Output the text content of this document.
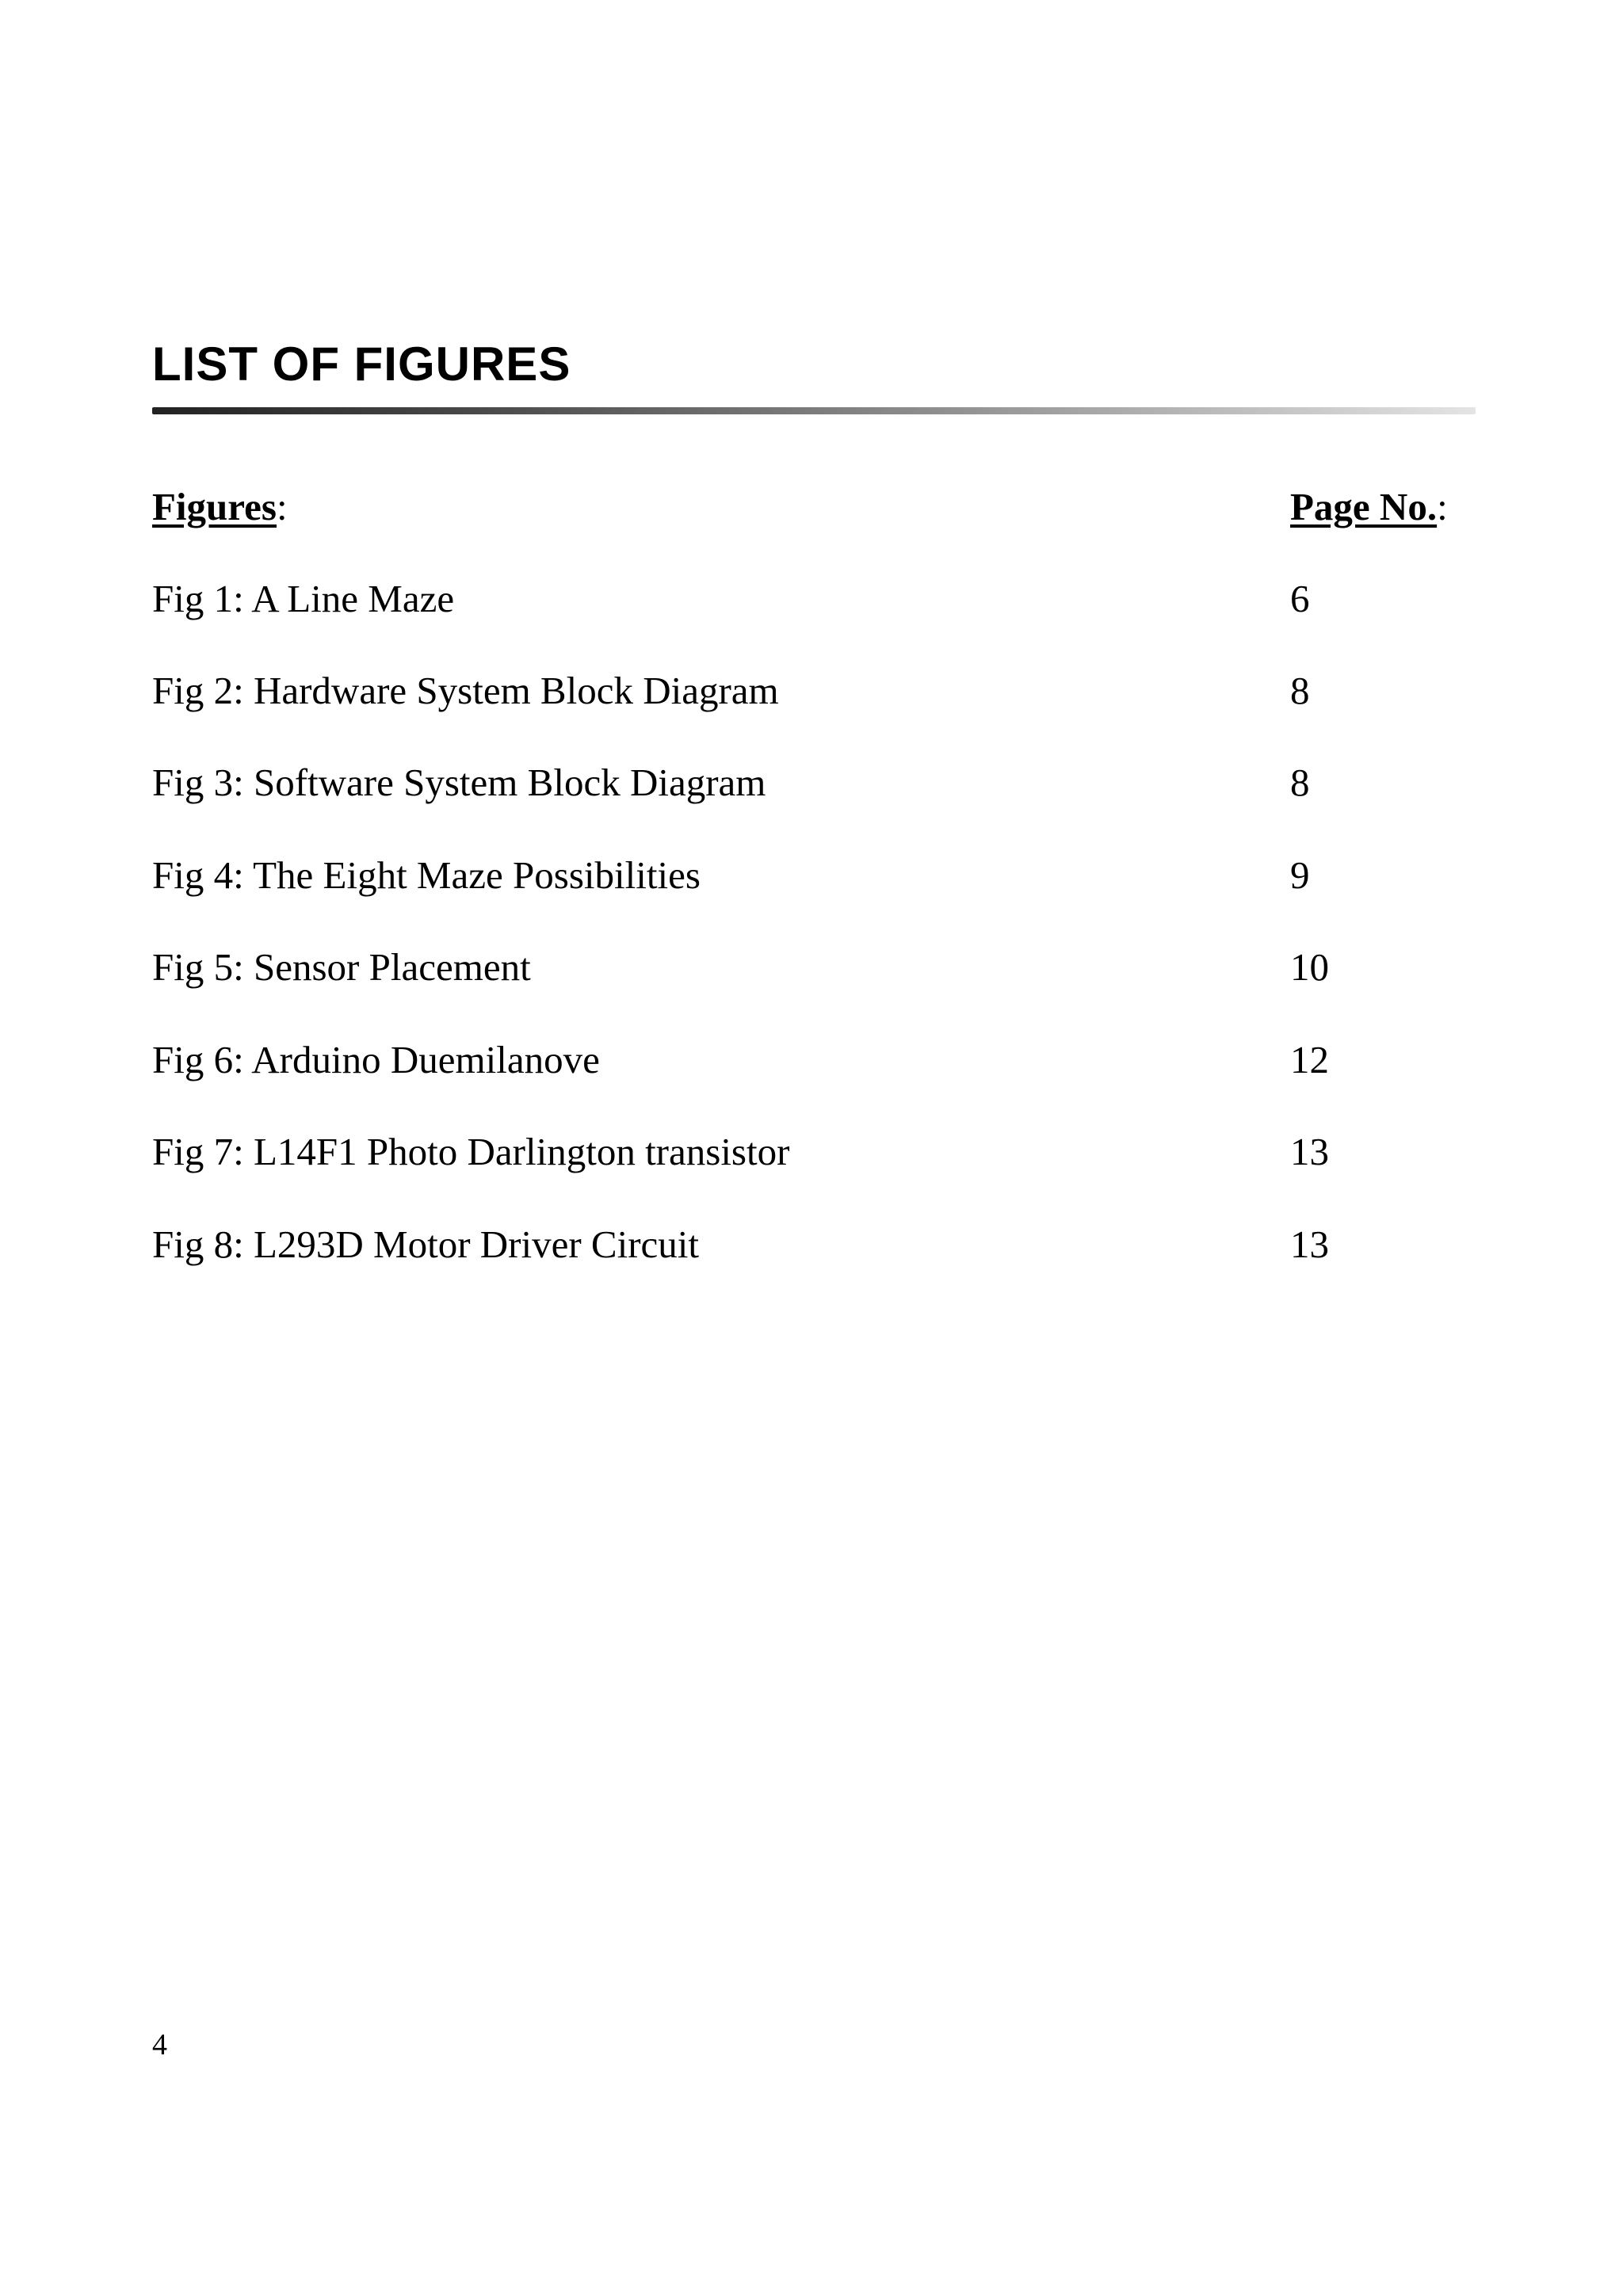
LIST OF FIGURES
Figures:	Page No.:
Fig 1: A Line Maze	6
Fig 2: Hardware System Block Diagram	8
Fig 3: Software System Block Diagram	8
Fig 4: The Eight Maze Possibilities	9
Fig 5: Sensor Placement	10
Fig 6: Arduino Duemilanove	12
Fig 7: L14F1 Photo Darlington transistor	13
Fig 8: L293D Motor Driver Circuit	13
4
